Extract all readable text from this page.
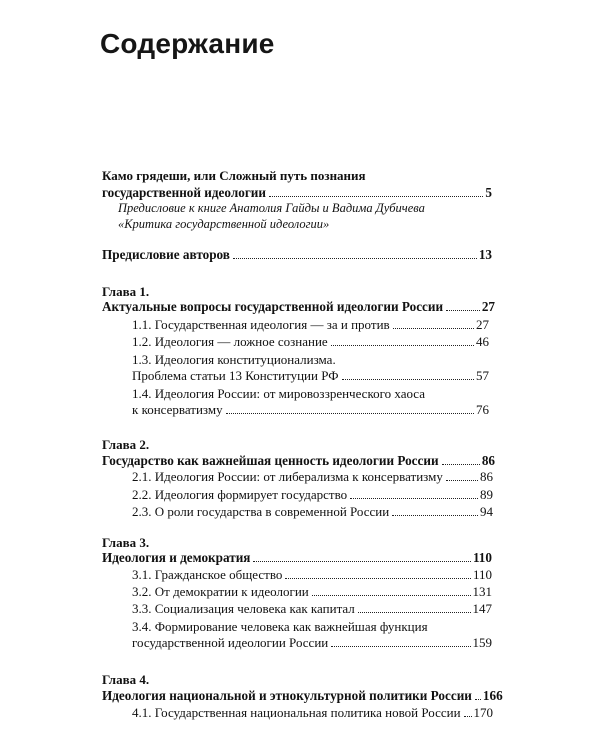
Содержание
Камо грядеши, или Сложный путь познания
государственной идеологии	5
Предисловие к книге Анатолия Гайды и Вадима Дубичева
«Критика государственной идеологии»
Предисловие авторов	13
Глава 1.
Актуальные вопросы государственной идеологии России	27
1.1. Государственная идеология — за и против	27
1.2. Идеология — ложное сознание	46
1.3. Идеология конституционализма.
Проблема статьи 13 Конституции РФ	57
1.4. Идеология России: от мировоззренческого хаоса
к консерватизму	76
Глава 2.
Государство как важнейшая ценность идеологии России	86
2.1. Идеология России: от либерализма к консерватизму	86
2.2. Идеология формирует государство	89
2.3. О роли государства в современной России	94
Глава 3.
Идеология и демократия	110
3.1. Гражданское общество	110
3.2. От демократии к идеологии	131
3.3. Социализация человека как капитал	147
3.4. Формирование человека как важнейшая функция
государственной идеологии России	159
Глава 4.
Идеология национальной и этнокультурной политики России 166
4.1. Государственная национальная политика новой России 170
